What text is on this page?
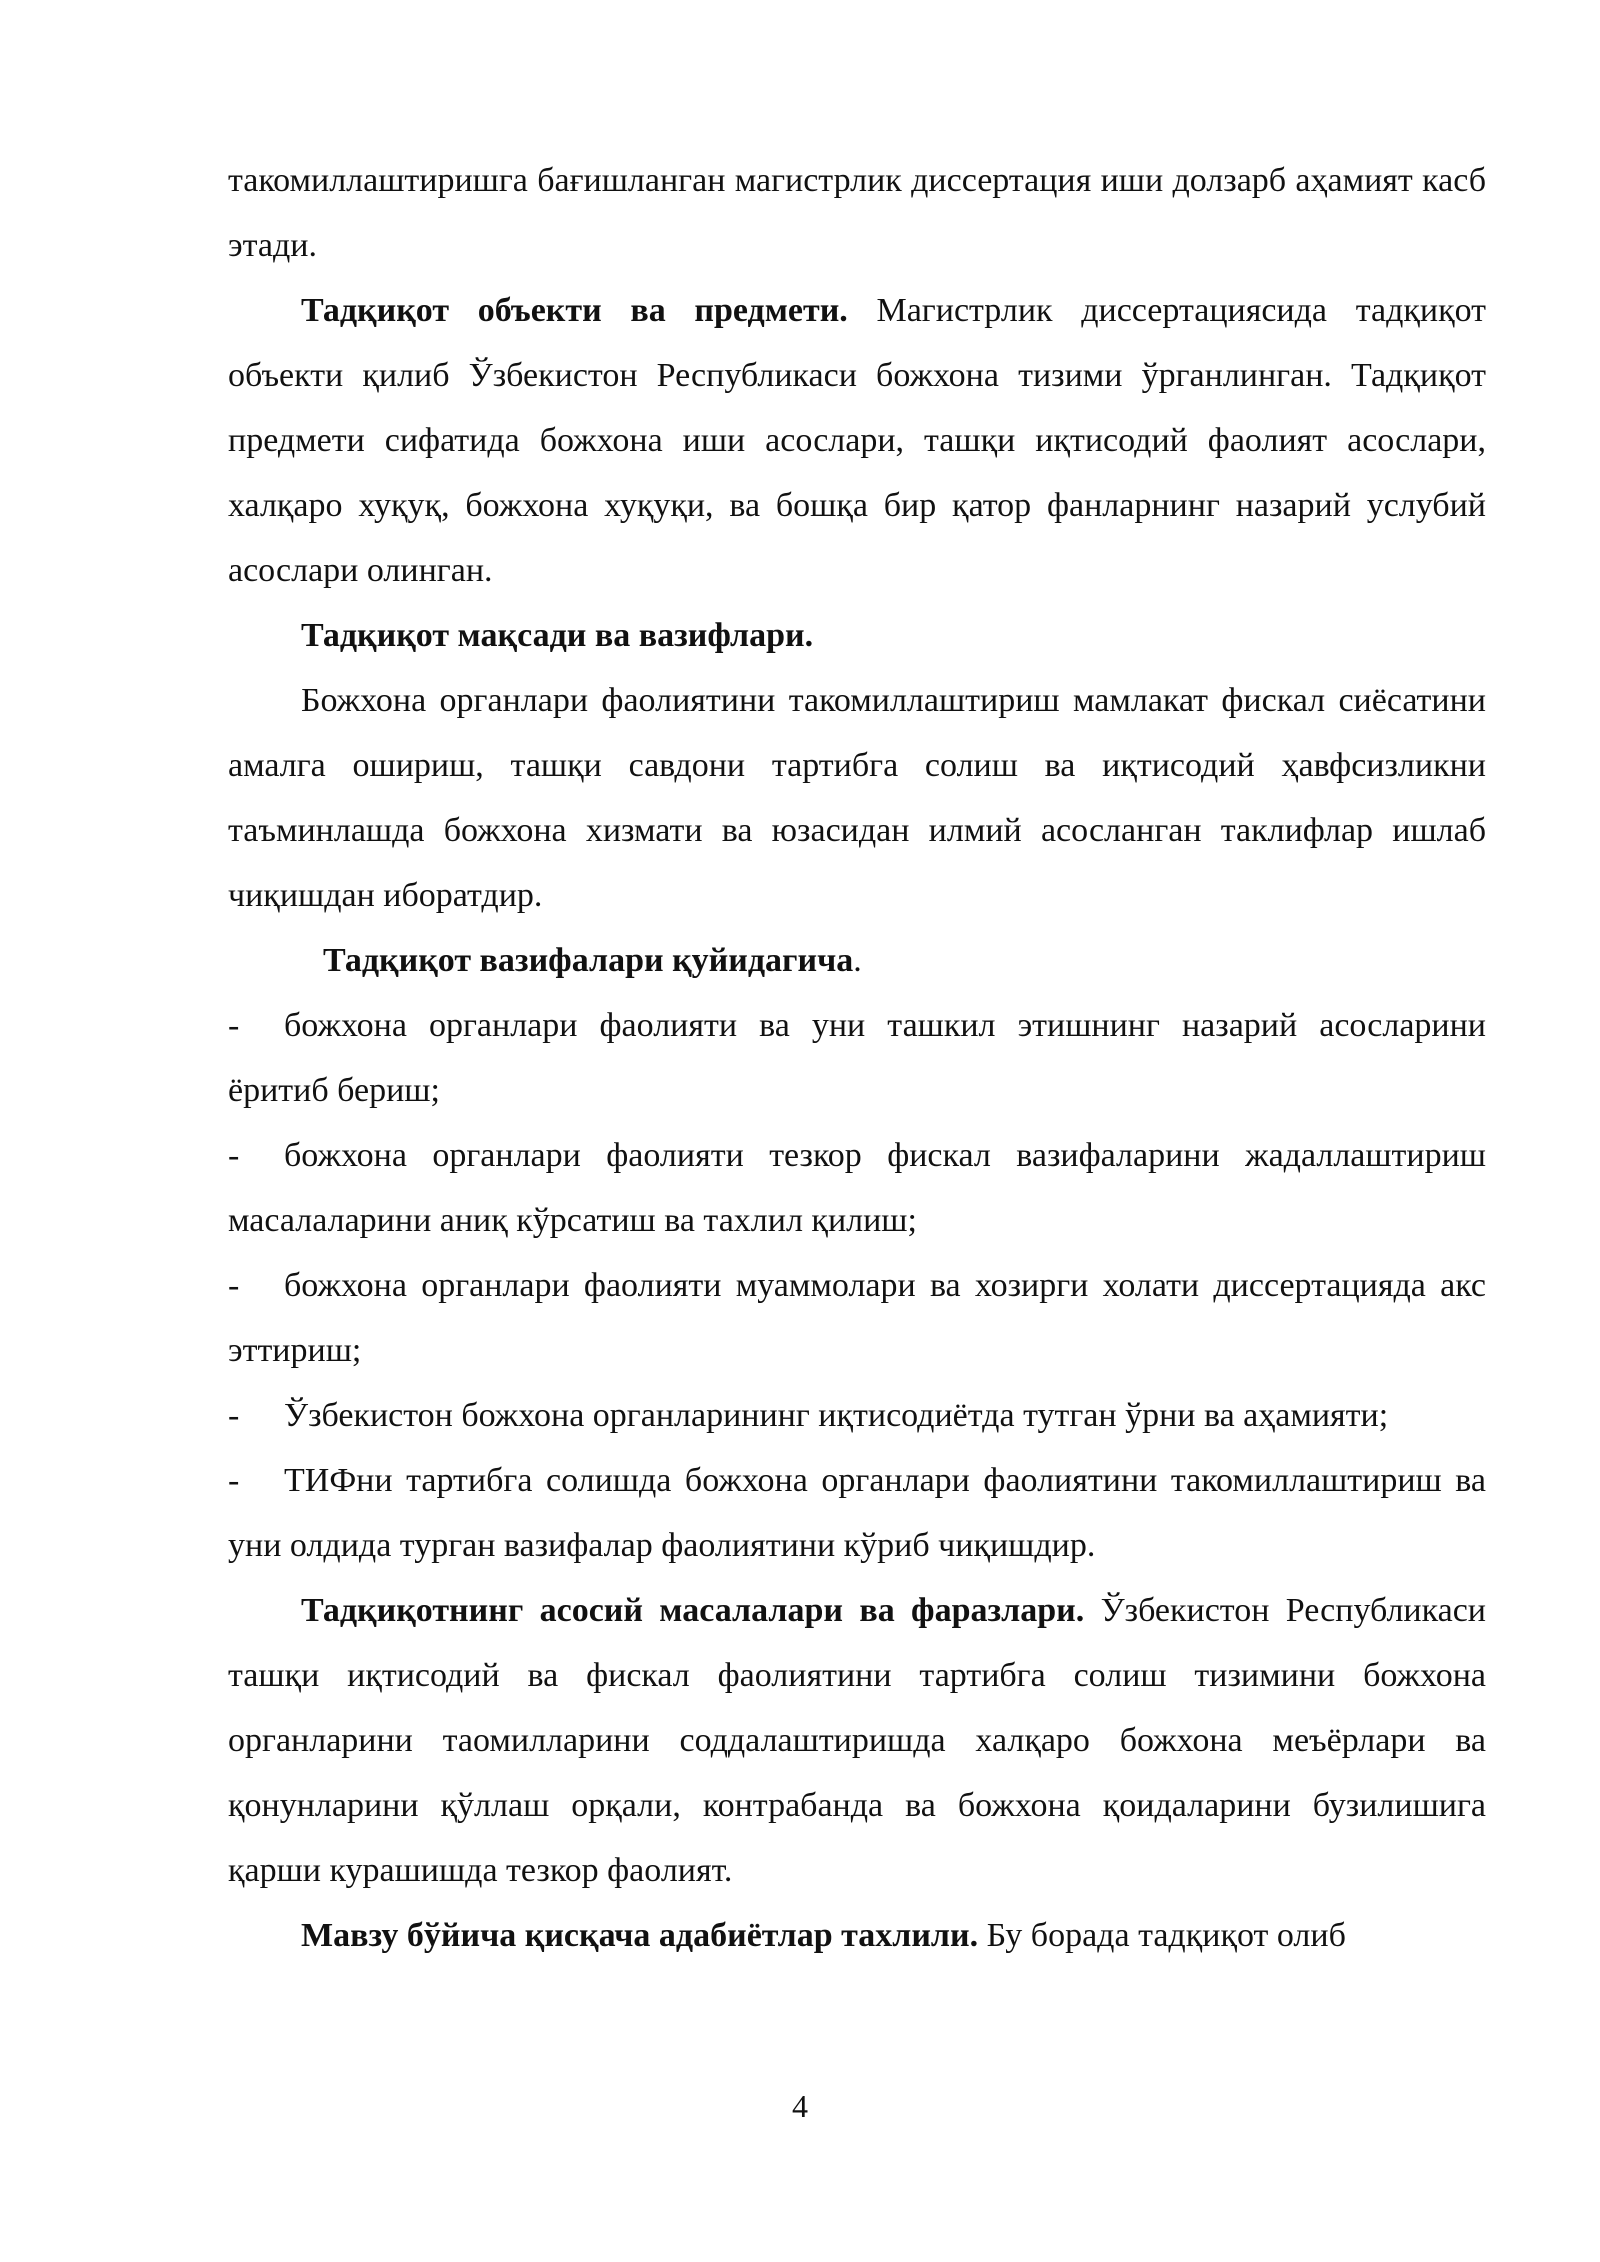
такомиллаштиришга бағишланган магистрлик диссертация иши долзарб аҳамият касб этади.

Тадқиқот объекти ва предмети. Магистрлик диссертациясида тадқиқот объекти қилиб Ўзбекистон Республикаси божхона тизими ўрганлинган. Тадқиқот предмети сифатида божхона иши асослари, ташқи иқтисодий фаолият асослари, халқаро хуқуқ, божхона хуқуқи, ва бошқа бир қатор фанларнинг назарий услубий асослари олинган.

Тадқиқот мақсади ва вазифлари.

Божхона органлари фаолиятини такомиллаштириш мамлакат фискал сиёсатини амалга ошириш, ташқи савдони тартибга солиш ва иқтисодий ҳавфсизликни таъминлашда божхона хизмати ва юзасидан илмий асосланган таклифлар ишлаб чиқишдан иборатдир.

Тадқиқот вазифалари қуйидагича.

- божхона органлари фаолияти ва уни ташкил этишнинг назарий асосларини ёритиб бериш;

- божхона органлари фаолияти тезкор фискал вазифаларини жадаллаштириш масалаларини аниқ кўрсатиш ва тахлил қилиш;

- божхона органлари фаолияти муаммолари ва хозирги холати диссертацияда акс эттириш;

- Ўзбекистон божхона органларининг иқтисодиётда тутган ўрни ва аҳамияти;

- ТИФни тартибга солишда божхона органлари фаолиятини такомиллаштириш ва уни олдида турган вазифалар фаолиятини кўриб чиқишдир.

Тадқиқотнинг асосий масалалари ва фаразлари. Ўзбекистон Республикаси ташқи иқтисодий ва фискал фаолиятини тартибга солиш тизимини божхона органларини таомилларини соддалаштиришда халқаро божхона меъёрлари ва қонунларини қўллаш орқали, контрабанда ва божхона қоидаларини бузилишига қарши курашишда тезкор фаолият.

Мавзу бўйича қисқача адабиётлар тахлили. Бу борада тадқиқот олиб

4
